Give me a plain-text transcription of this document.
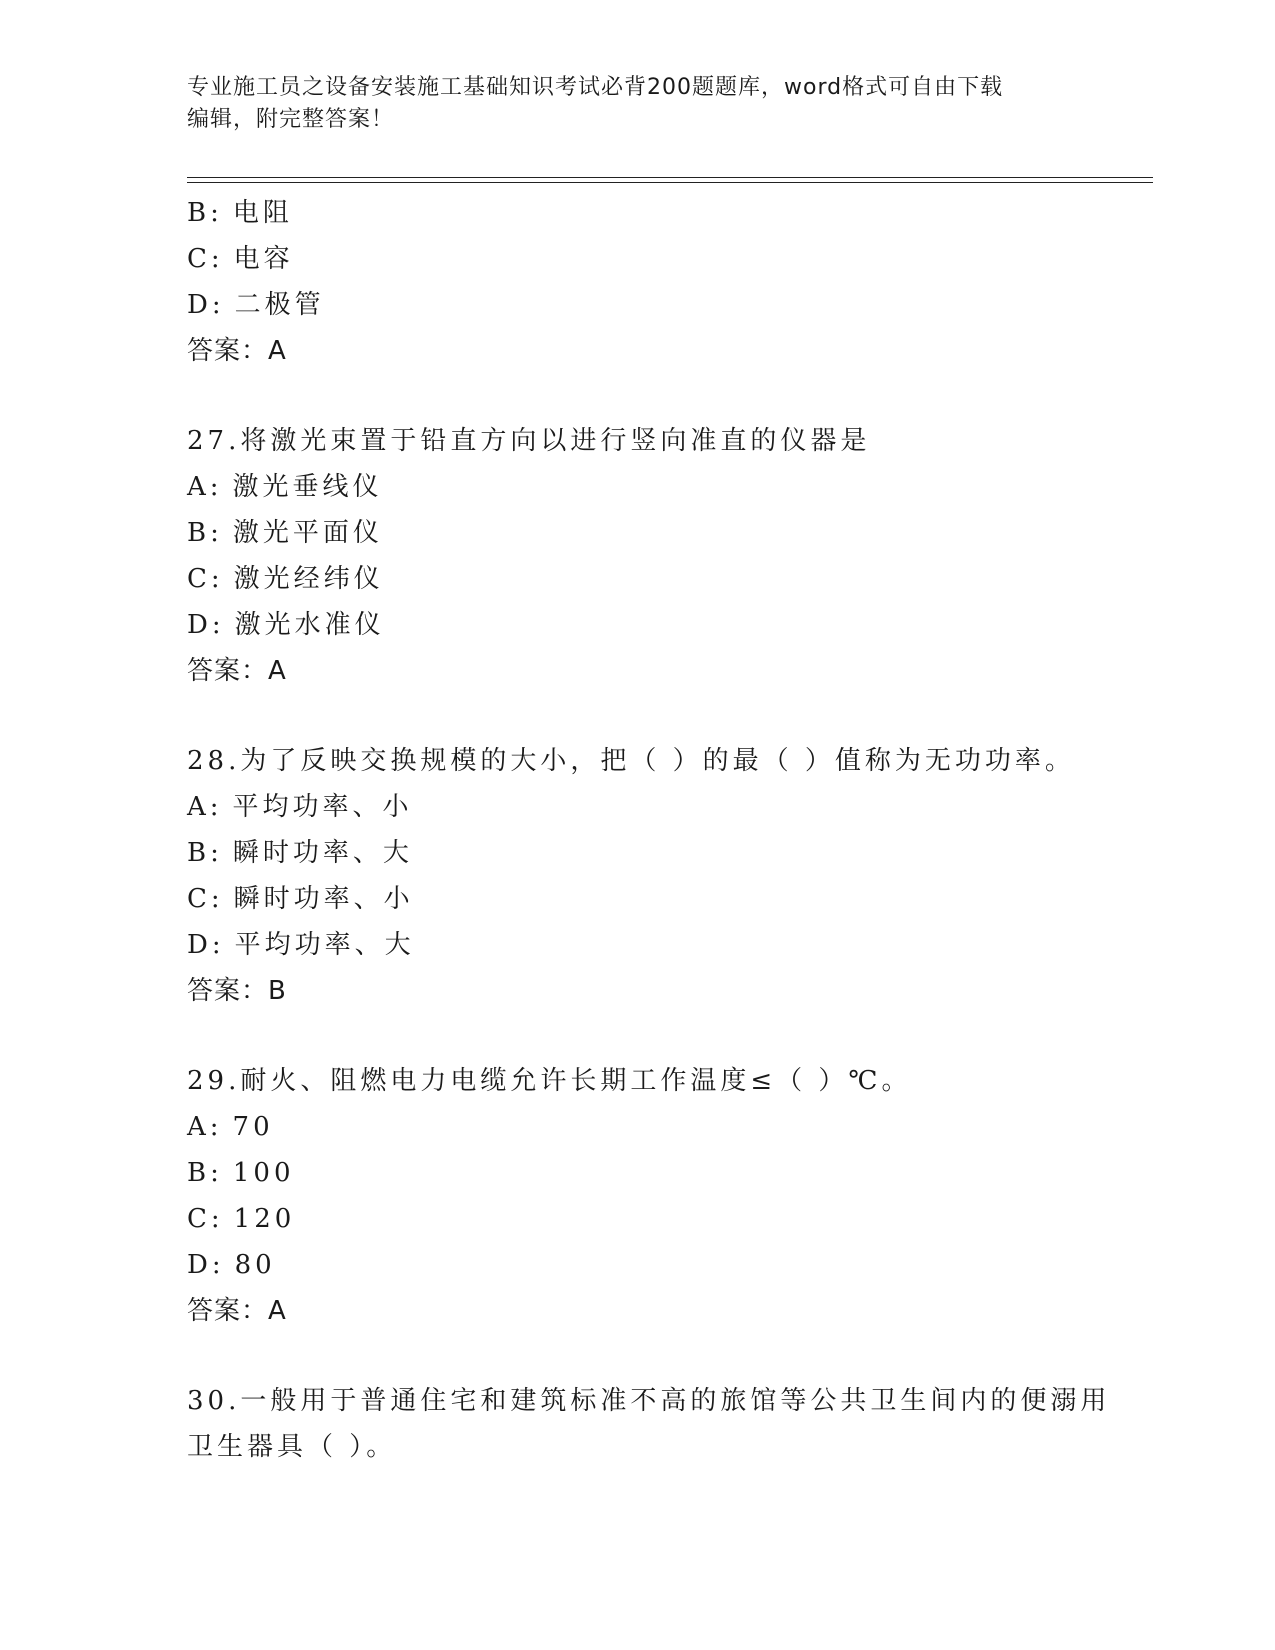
专业施工员之设备安装施工基础知识考试必背200题题库，word格式可自由下载
编辑，附完整答案！
B: 电阻
C: 电容
D: 二极管
答案：A
27.将激光束置于铅直方向以进行竖向准直的仪器是
A: 激光垂线仪
B: 激光平面仪
C: 激光经纬仪
D: 激光水准仪
答案：A
28.为了反映交换规模的大小，把（ ）的最（ ）值称为无功功率。
A: 平均功率、小
B: 瞬时功率、大
C: 瞬时功率、小
D: 平均功率、大
答案：B
29.耐火、阻燃电力电缆允许长期工作温度≤（ ）℃。
A: 70
B: 100
C: 120
D: 80
答案：A
30.一般用于普通住宅和建筑标准不高的旅馆等公共卫生间内的便溺用
卫生器具（ ）。
